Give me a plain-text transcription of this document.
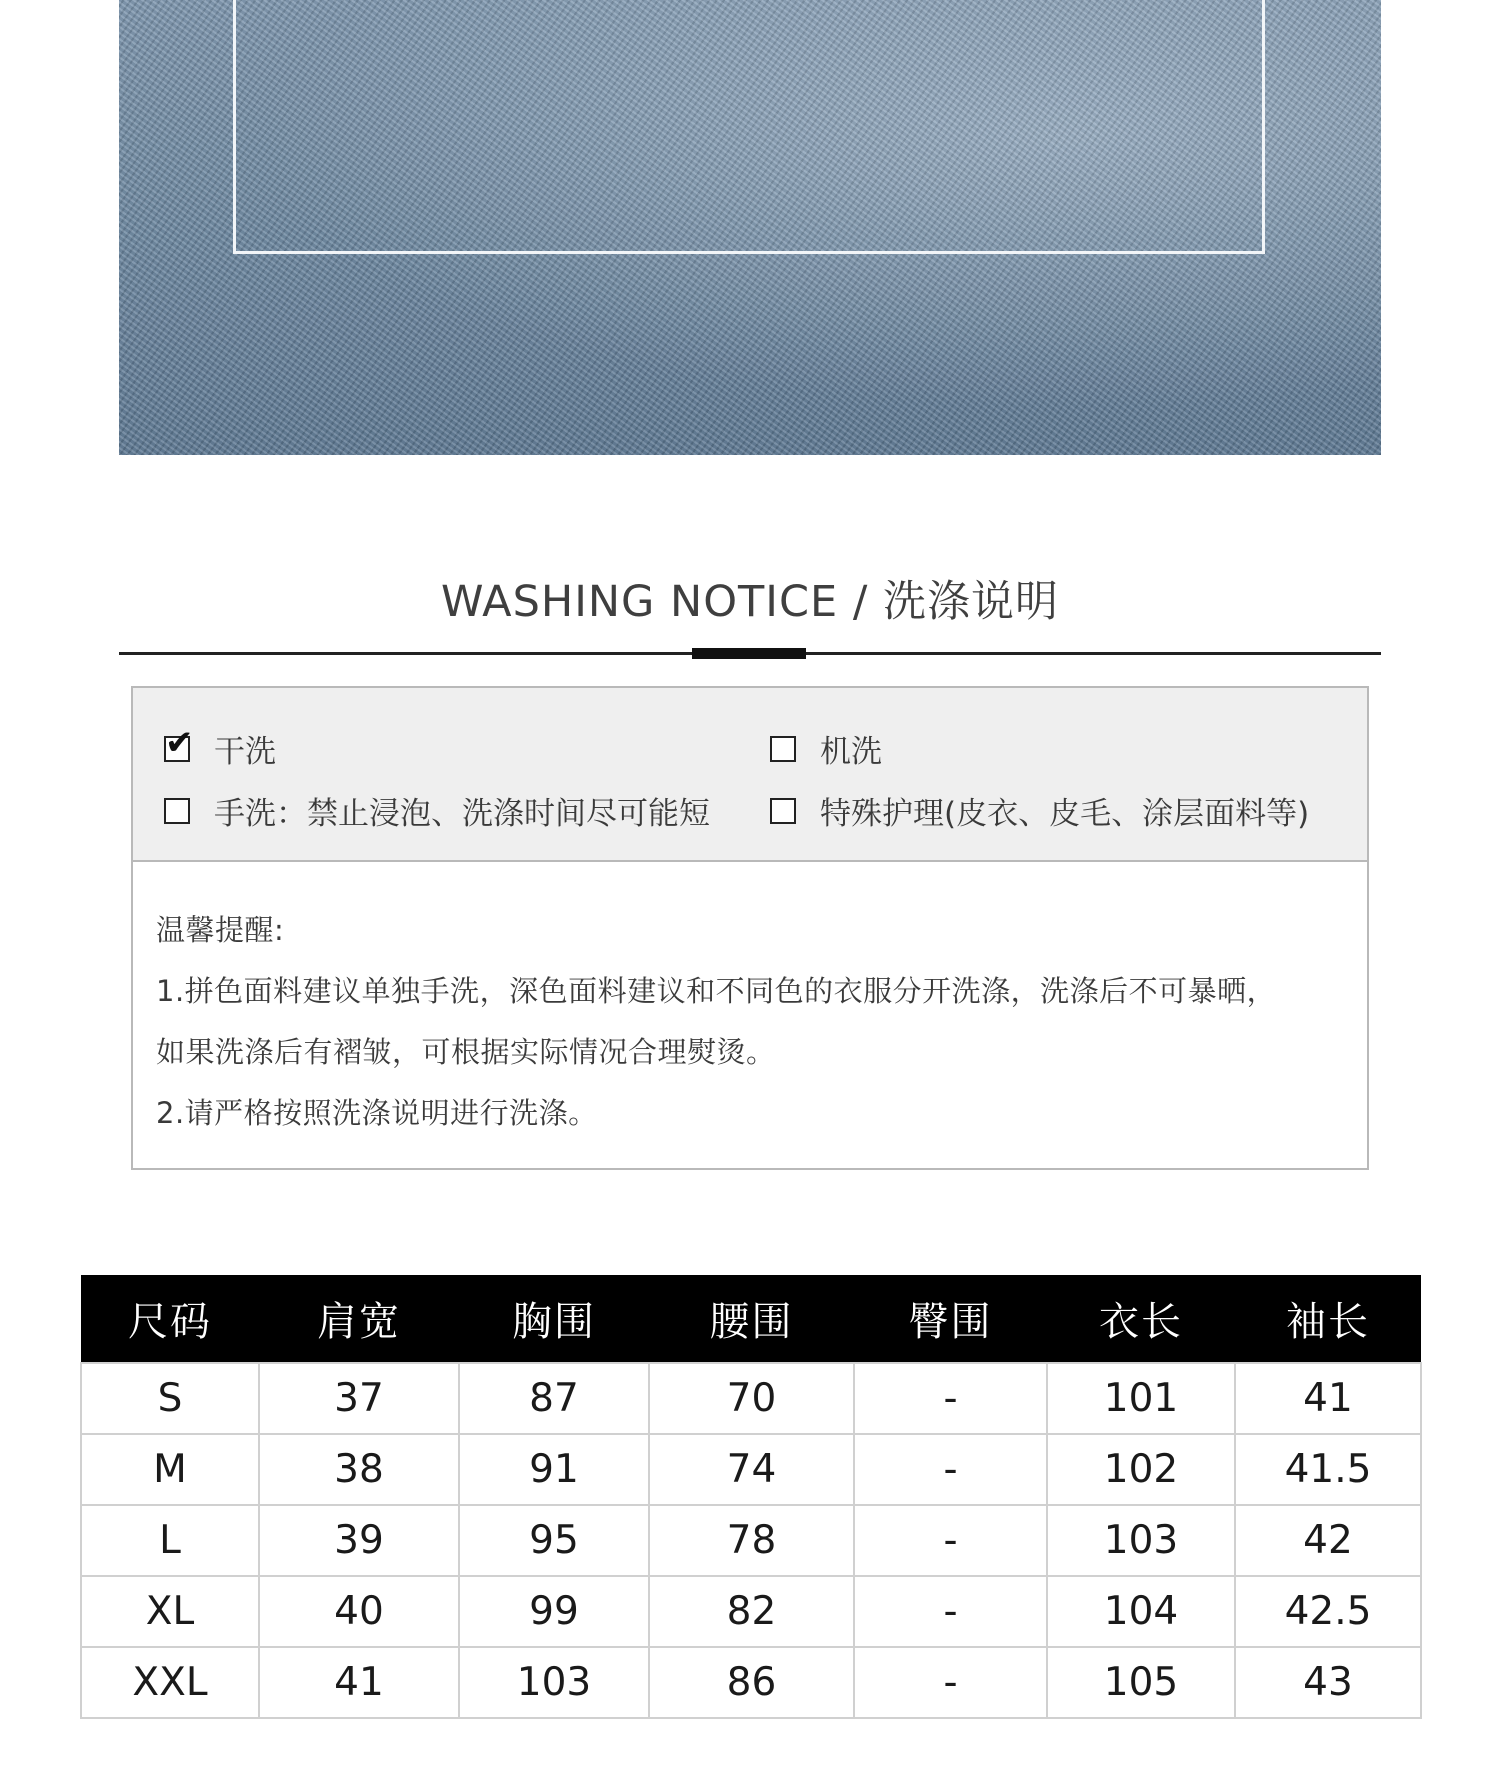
WASHING NOTICE / 洗涤说明
✔ 干洗	机洗
手洗：禁止浸泡、洗涤时间尽可能短	特殊护理(皮衣、皮毛、涂层面料等)
温馨提醒:
1.拼色面料建议单独手洗，深色面料建议和不同色的衣服分开洗涤，洗涤后不可暴晒，
如果洗涤后有褶皱，可根据实际情况合理熨烫。
2.请严格按照洗涤说明进行洗涤。
尺码	肩宽	胸围	腰围	臀围	衣长	袖长
S	37	87	70	-	101	41
M	38	91	74	-	102	41.5
L	39	95	78	-	103	42
XL	40	99	82	-	104	42.5
XXL	41	103	86	-	105	43
